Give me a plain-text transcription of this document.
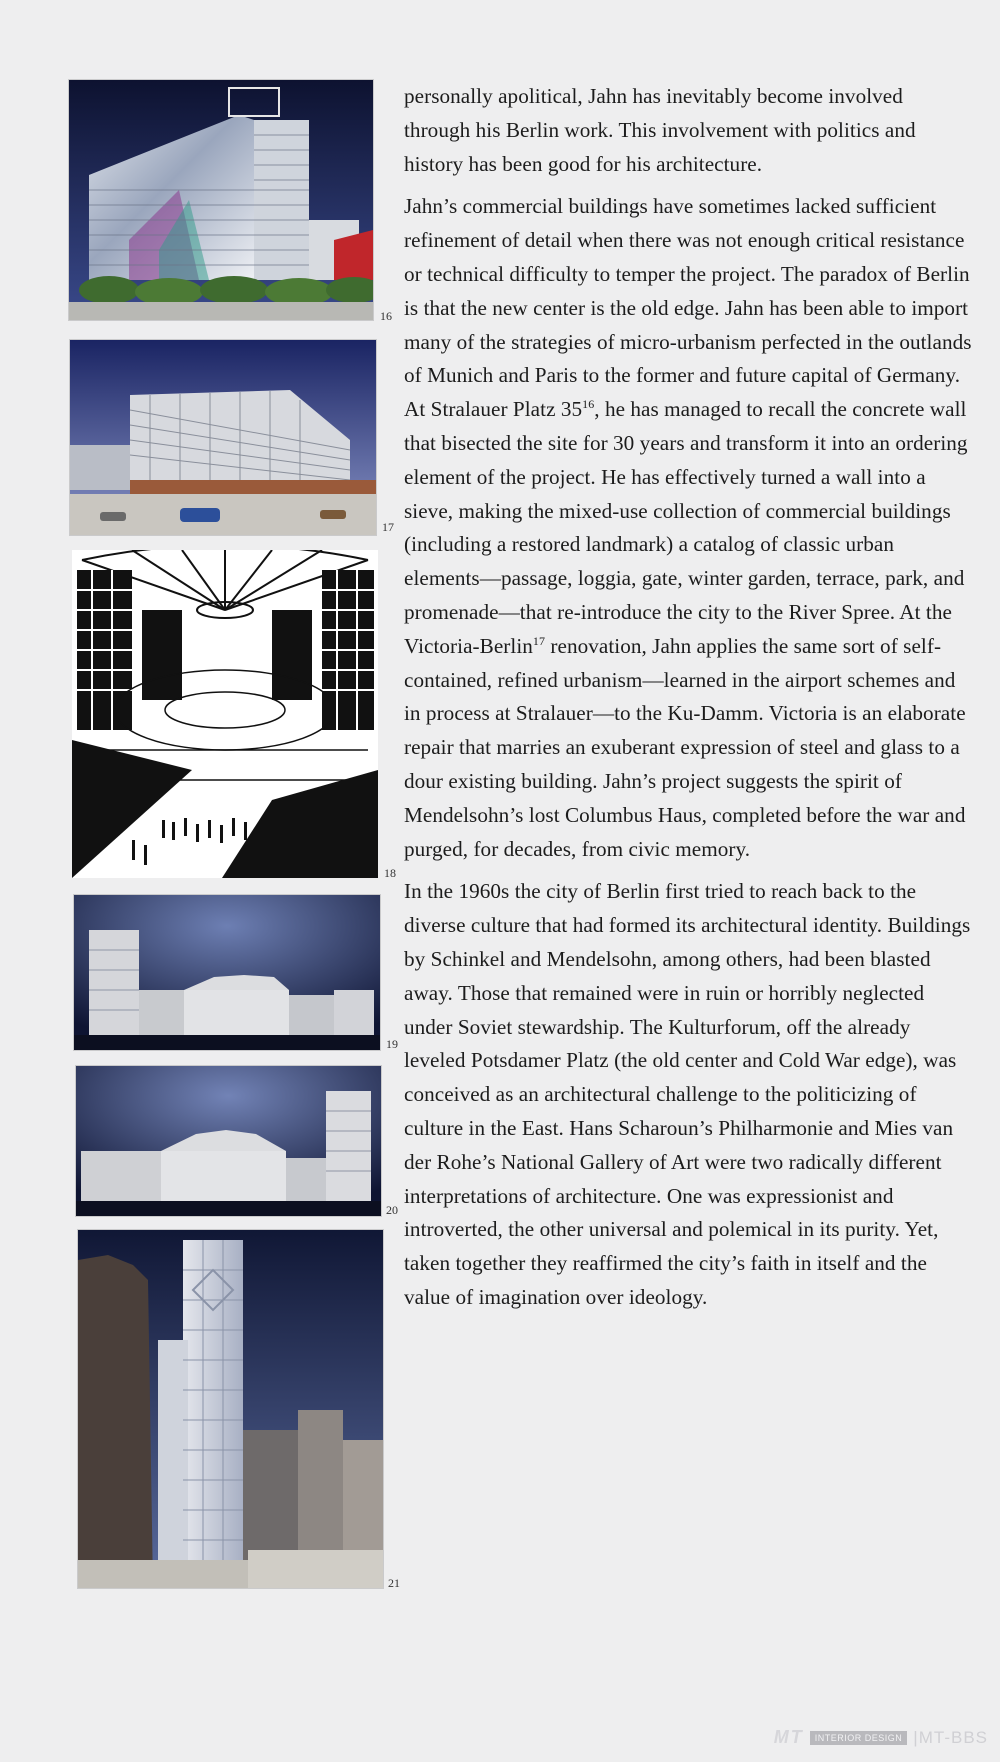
16
17
18
19
20
21

personally apolitical, Jahn has inevitably become involved through his Berlin work. This involvement with politics and history has been good for his architecture.

Jahn’s commercial buildings have sometimes lacked sufficient refinement of detail when there was not enough critical resistance or technical difficulty to temper the project. The paradox of Berlin is that the new center is the old edge. Jahn has been able to import many of the strategies of micro-urbanism perfected in the outlands of Munich and Paris to the former and future capital of Germany. At Stralauer Platz $35^{16}$, he has managed to recall the concrete wall that bisected the site for 30 years and transform it into an ordering element of the project. He has effectively turned a wall into a sieve, making the mixed-use collection of commercial buildings (including a restored landmark) a catalog of classic urban elements—passage, loggia, gate, winter garden, terrace, park, and promenade—that re-introduce the city to the River Spree. At the Victoria-Berlin$^{17}$ renovation, Jahn applies the same sort of self-contained, refined urbanism—learned in the airport schemes and in process at Stralauer—to the Ku-Damm. Victoria is an elaborate repair that marries an exuberant expression of steel and glass to a dour existing building. Jahn’s project suggests the spirit of Mendelsohn’s lost Columbus Haus, completed before the war and purged, for decades, from civic memory.

In the 1960s the city of Berlin first tried to reach back to the diverse culture that had formed its architectural identity. Buildings by Schinkel and Mendelsohn, among others, had been blasted away. Those that remained were in ruin or horribly neglected under Soviet stewardship. The Kulturforum, off the already leveled Potsdamer Platz (the old center and Cold War edge), was conceived as an architectural challenge to the politicizing of culture in the East. Hans Scharoun’s Philharmonie and Mies van der Rohe’s National Gallery of Art were two radically different interpretations of architecture. One was expressionist and introverted, the other universal and polemical in its purity. Yet, taken together they reaffirmed the city’s faith in itself and the value of imagination over ideology.

MT	INTERIOR DESIGN |MT-BBS
